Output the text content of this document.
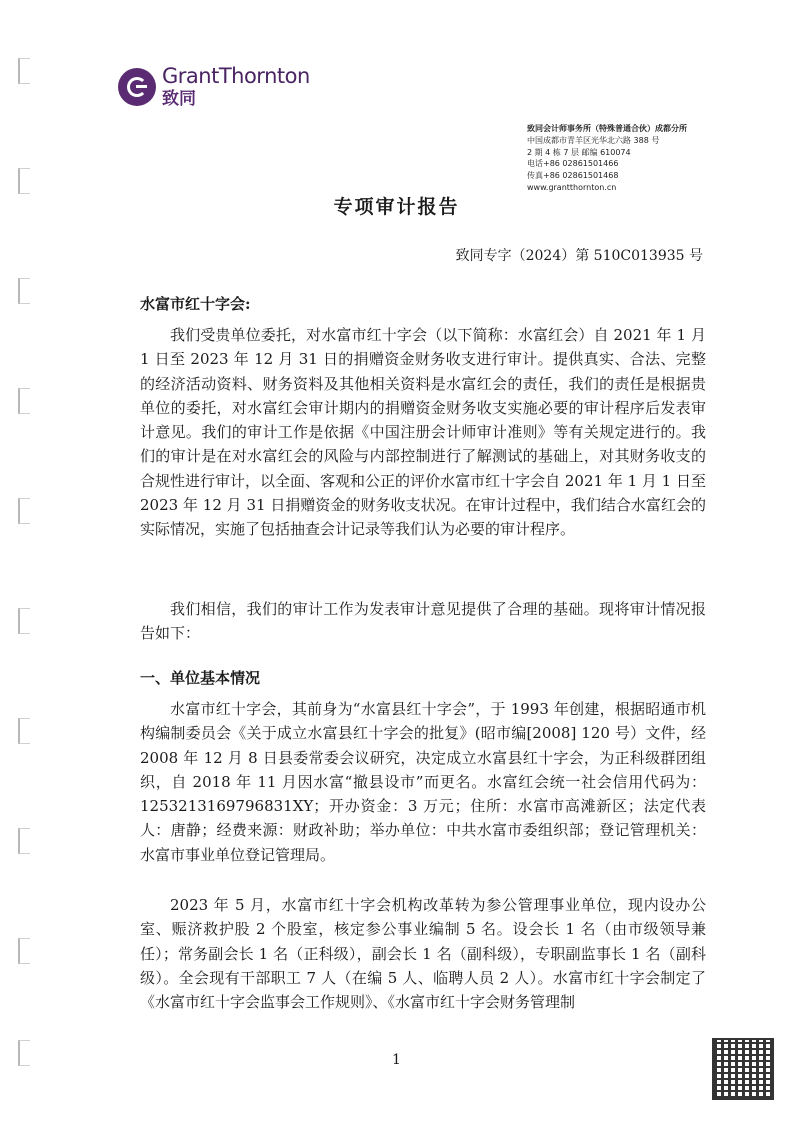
GrantThornton
致同
致同会计师事务所（特殊普通合伙）成都分所
中国成都市青羊区光华北六路 388 号
2 期 4 栋 7 层 邮编 610074
电话+86 02861501466
传真+86 02861501468
www.grantthornton.cn
专项审计报告
致同专字（2024）第 510C013935 号
水富市红十字会:

我们受贵单位委托，对水富市红十字会（以下简称：水富红会）自 2021 年 1 月 1 日至 2023 年 12 月 31 日的捐赠资金财务收支进行审计。提供真实、合法、完整的经济活动资料、财务资料及其他相关资料是水富红会的责任，我们的责任是根据贵单位的委托，对水富红会审计期内的捐赠资金财务收支实施必要的审计程序后发表审计意见。我们的审计工作是依据《中国注册会计师审计准则》等有关规定进行的。我们的审计是在对水富红会的风险与内部控制进行了解测试的基础上，对其财务收支的合规性进行审计，以全面、客观和公正的评价水富市红十字会自 2021 年 1 月 1 日至 2023 年 12 月 31 日捐赠资金的财务收支状况。在审计过程中，我们结合水富红会的实际情况，实施了包括抽查会计记录等我们认为必要的审计程序。

我们相信，我们的审计工作为发表审计意见提供了合理的基础。现将审计情况报告如下：

一、单位基本情况

水富市红十字会，其前身为“水富县红十字会”，于 1993 年创建，根据昭通市机构编制委员会《关于成立水富县红十字会的批复》(昭市编[2008] 120 号）文件，经 2008 年 12 月 8 日县委常委会议研究，决定成立水富县红十字会，为正科级群团组织，自 2018 年 11 月因水富“撤县设市”而更名。水富红会统一社会信用代码为：1253213169796831XY；开办资金：3 万元；住所：水富市高滩新区；法定代表人：唐静；经费来源：财政补助；举办单位：中共水富市委组织部；登记管理机关：水富市事业单位登记管理局。

2023 年 5 月，水富市红十字会机构改革转为参公管理事业单位，现内设办公室、赈济救护股 2 个股室，核定参公事业编制 5 名。设会长 1 名（由市级领导兼任）；常务副会长 1 名（正科级），副会长 1 名（副科级），专职副监事长 1 名（副科级）。全会现有干部职工 7 人（在编 5 人、临聘人员 2 人）。水富市红十字会制定了《水富市红十字会监事会工作规则》、《水富市红十字会财务管理制

1
